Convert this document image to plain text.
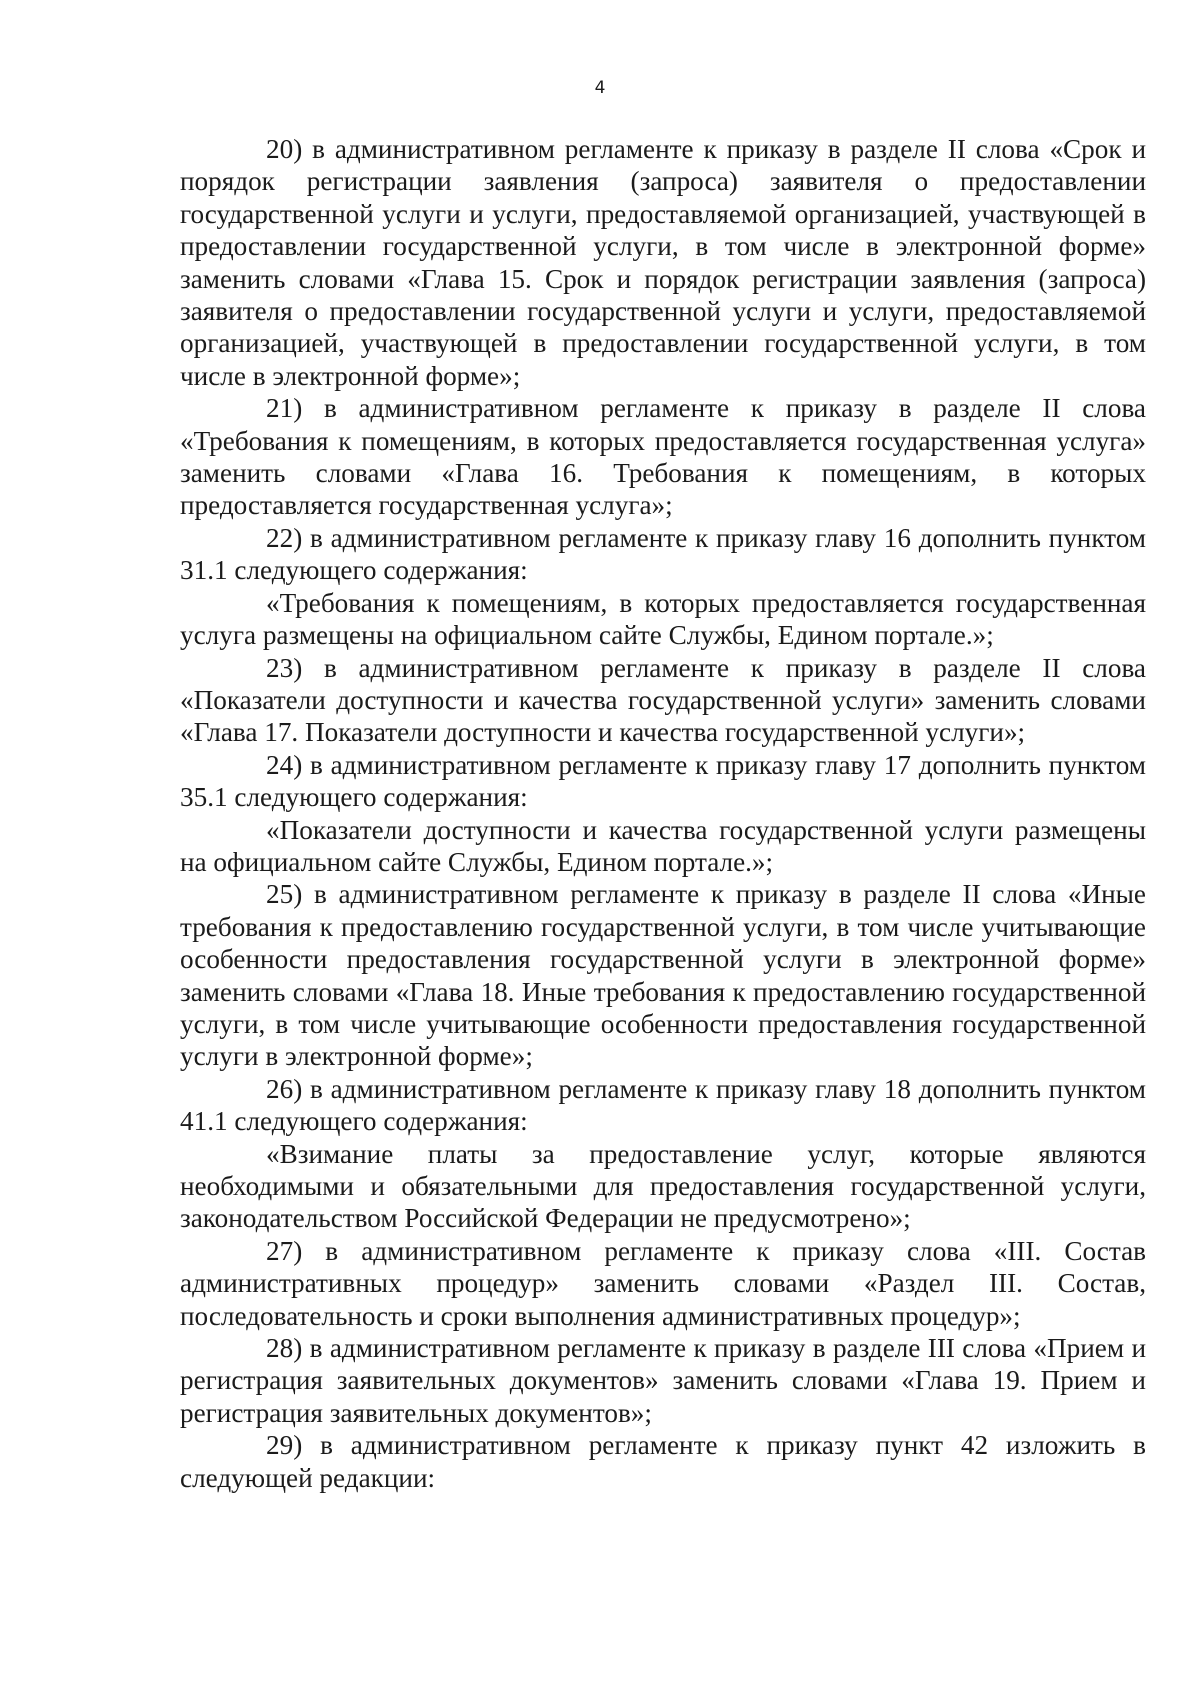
4

20) в административном регламенте к приказу в разделе II слова «Срок и порядок регистрации заявления (запроса) заявителя о предоставлении государственной услуги и услуги, предоставляемой организацией, участвующей в предоставлении государственной услуги, в том числе в электронной форме» заменить словами «Глава 15. Срок и порядок регистрации заявления (запроса) заявителя о предоставлении государственной услуги и услуги, предоставляемой организацией, участвующей в предоставлении государственной услуги, в том числе в электронной форме»;

21) в административном регламенте к приказу в разделе II слова «Требования к помещениям, в которых предоставляется государственная услуга» заменить словами «Глава 16. Требования к помещениям, в которых предоставляется государственная услуга»;

22) в административном регламенте к приказу главу 16 дополнить пунктом 31.1 следующего содержания:

«Требования к помещениям, в которых предоставляется государственная услуга размещены на официальном сайте Службы, Едином портале.»;

23) в административном регламенте к приказу в разделе II слова «Показатели доступности и качества государственной услуги» заменить словами «Глава 17. Показатели доступности и качества государственной услуги»;

24) в административном регламенте к приказу главу 17 дополнить пунктом 35.1 следующего содержания:

«Показатели доступности и качества государственной услуги размещены на официальном сайте Службы, Едином портале.»;

25) в административном регламенте к приказу в разделе II слова «Иные требования к предоставлению государственной услуги, в том числе учитывающие особенности предоставления государственной услуги в электронной форме» заменить словами «Глава 18. Иные требования к предоставлению государственной услуги, в том числе учитывающие особенности предоставления государственной услуги в электронной форме»;

26) в административном регламенте к приказу главу 18 дополнить пунктом 41.1 следующего содержания:

«Взимание платы за предоставление услуг, которые являются необходимыми и обязательными для предоставления государственной услуги, законодательством Российской Федерации не предусмотрено»;

27) в административном регламенте к приказу слова «III. Состав административных процедур» заменить словами «Раздел III. Состав, последовательность и сроки выполнения административных процедур»;

28) в административном регламенте к приказу в разделе III слова «Прием и регистрация заявительных документов» заменить словами «Глава 19. Прием и регистрация заявительных документов»;

29) в административном регламенте к приказу пункт 42 изложить в следующей редакции:
